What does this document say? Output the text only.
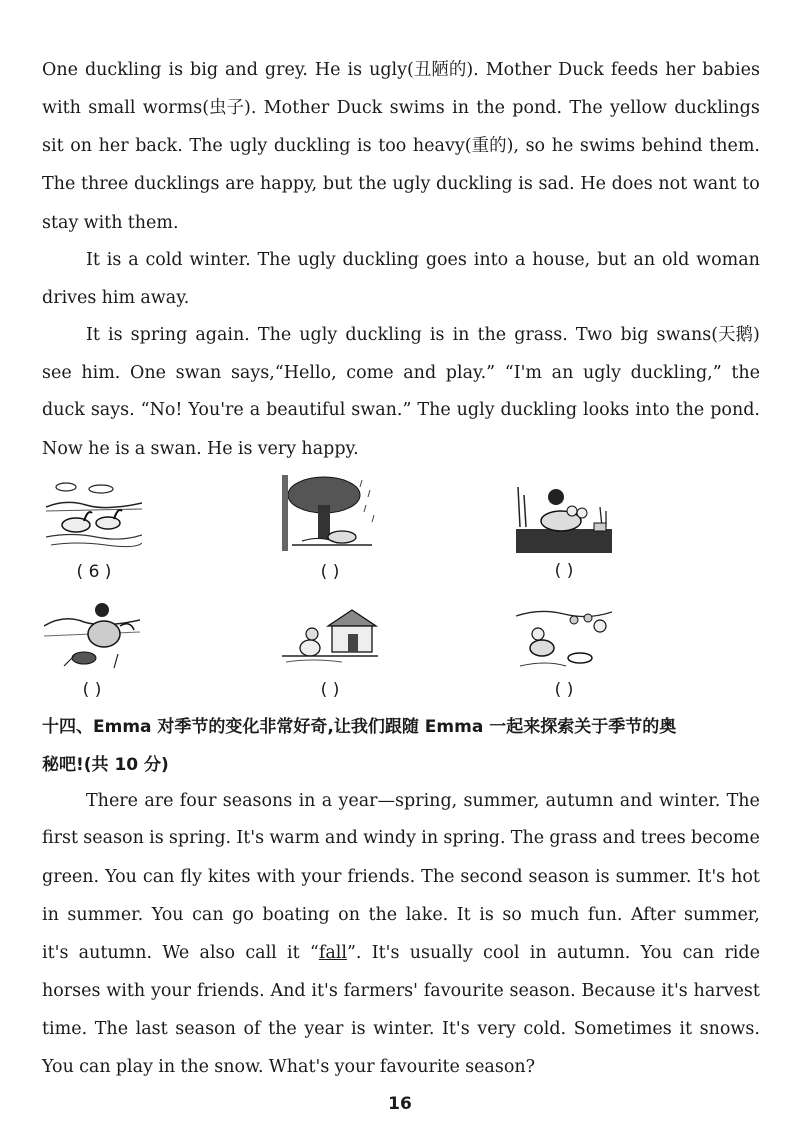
One duckling is big and grey. He is ugly(丑陋的). Mother Duck feeds her babies
with small worms(虫子). Mother Duck swims in the pond. The yellow ducklings
sit on her back. The ugly duckling is too heavy(重的), so he swims behind them.
The three ducklings are happy, but the ugly duckling is sad. He does not want to
stay with them.
It is a cold winter. The ugly duckling goes into a house, but an old woman
drives him away.
It is spring again. The ugly duckling is in the grass. Two big swans(天鹅)
see him. One swan says,“Hello, come and play.” “I'm an ugly duckling,” the
duck says. “No! You're a beautiful swan.” The ugly duckling looks into the pond.
Now he is a swan. He is very happy.
( 6 )	( )	( )
( )	( )	( )
十四、Emma 对季节的变化非常好奇,让我们跟随 Emma 一起来探索关于季节的奥
秘吧!(共 10 分)
There are four seasons in a year—spring, summer, autumn and winter. The
first season is spring. It's warm and windy in spring. The grass and trees become
green. You can fly kites with your friends. The second season is summer. It's hot
in summer. You can go boating on the lake. It is so much fun. After summer,
it's autumn. We also call it “fall”. It's usually cool in autumn. You can ride
horses with your friends. And it's farmers' favourite season. Because it's harvest
time. The last season of the year is winter. It's very cold. Sometimes it snows.
You can play in the snow. What's your favourite season?
16
